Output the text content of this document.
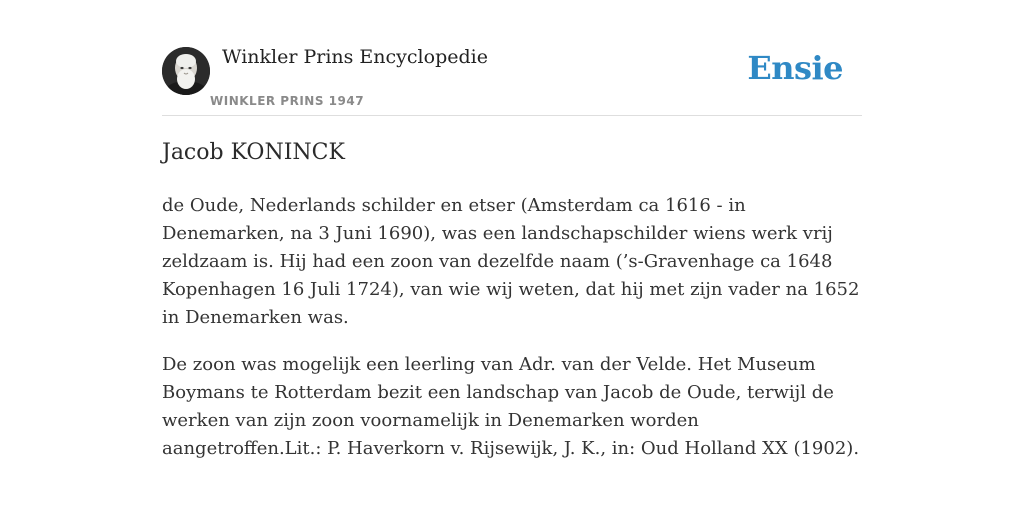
Winkler Prins Encyclopedie
WINKLER PRINS 1947
Ensie
Jacob KONINCK

de Oude, Nederlands schilder en etser (Amsterdam ca 1616 - in Denemarken, na 3 Juni 1690), was een landschapschilder wiens werk vrij zeldzaam is. Hij had een zoon van dezelfde naam (’s-Gravenhage ca 1648 Kopenhagen 16 Juli 1724), van wie wij weten, dat hij met zijn vader na 1652 in Denemarken was.

De zoon was mogelijk een leerling van Adr. van der Velde. Het Museum Boymans te Rotterdam bezit een landschap van Jacob de Oude, terwijl de werken van zijn zoon voornamelijk in Denemarken worden aangetroffen.Lit.: P. Haverkorn v. Rijsewijk, J. K., in: Oud Holland XX (1902).
